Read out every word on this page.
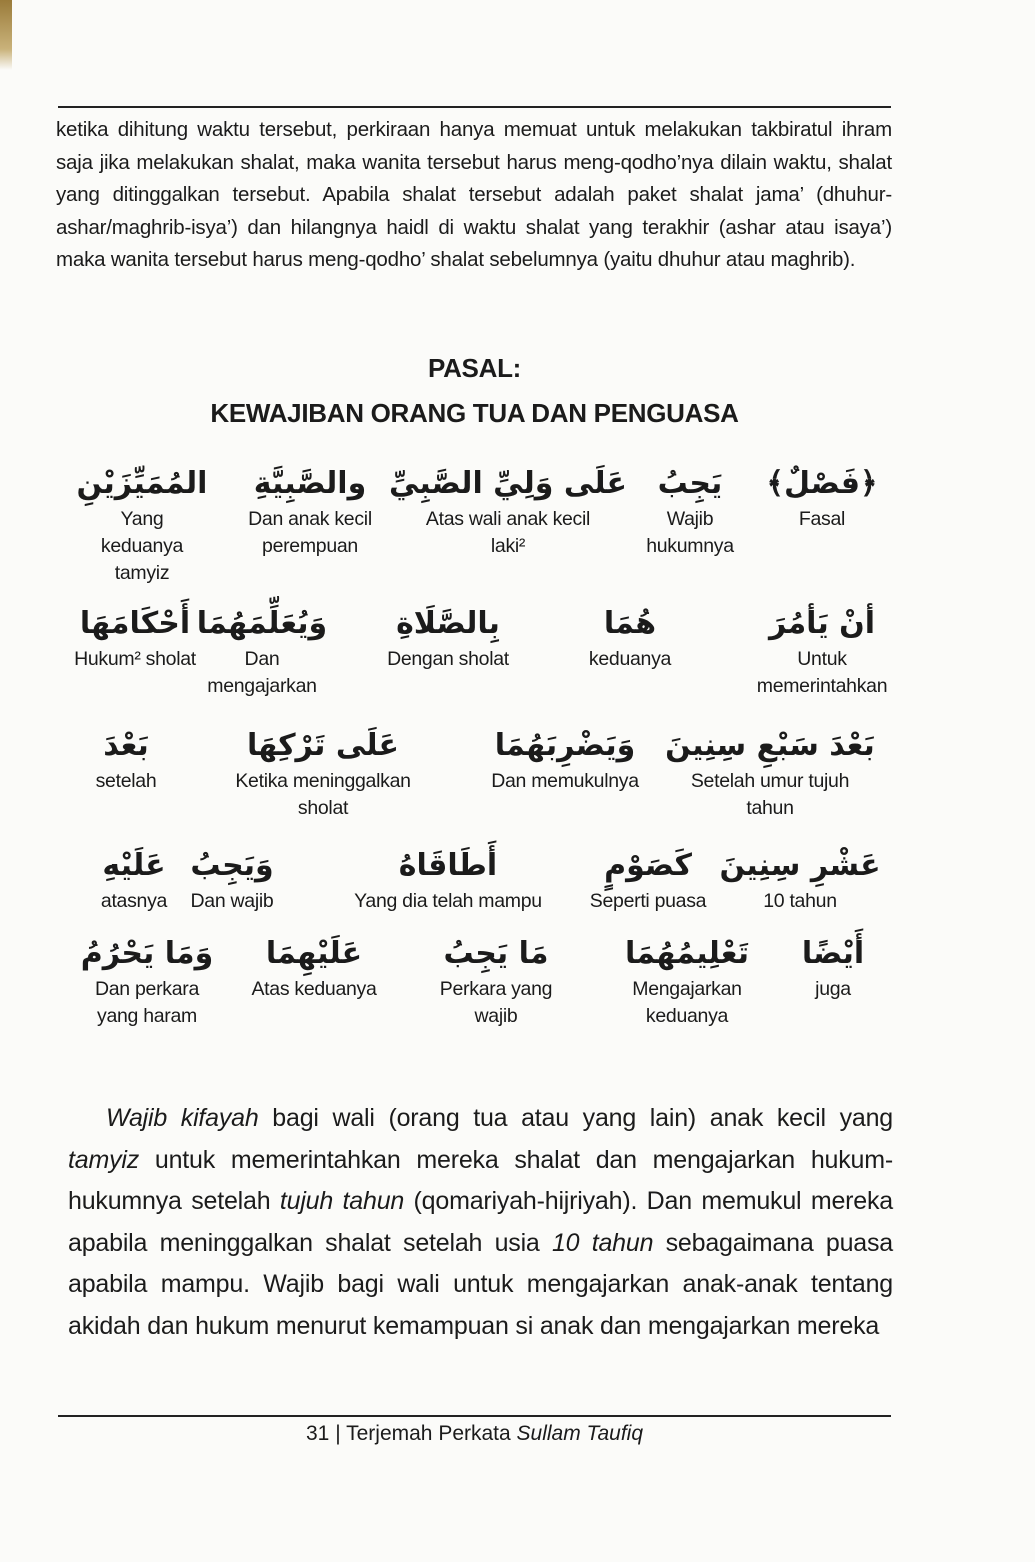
ketika dihitung waktu tersebut, perkiraan hanya memuat untuk melakukan takbiratul ihram saja jika melakukan shalat, maka wanita tersebut harus meng-qodho’nya dilain waktu, shalat yang ditinggalkan tersebut. Apabila shalat tersebut adalah paket shalat jama’ (dhuhur-ashar/maghrib-isya’) dan hilangnya haidl di waktu shalat yang terakhir (ashar atau isaya’) maka wanita tersebut harus meng-qodho’ shalat sebelumnya (yaitu dhuhur atau maghrib).

PASAL:
KEWAJIBAN ORANG TUA DAN PENGUASA
﴿فَصْلٌ﴾
Fasal
يَجِبُ
Wajib
hukumnya
عَلَى وَلِيِّ الصَّبِيِّ
Atas wali anak kecil
laki²
والصَّبِيَّةِ
Dan anak kecil
perempuan
المُمَيِّزَيْنِ
Yang
keduanya
tamyiz
أنْ يَأمُرَ
Untuk
memerintahkan
هُمَا
keduanya
بِالصَّلَاةِ
Dengan sholat
وَيُعَلِّمَهُمَا
Dan
mengajarkan
أَحْكَامَهَا
Hukum² sholat
بَعْدَ سَبْعِ سِنِينَ
Setelah umur tujuh
tahun
وَيَضْرِبَهُمَا
Dan memukulnya
عَلَى تَرْكِهَا
Ketika meninggalkan
sholat
بَعْدَ
setelah
عَشْرِ سِنِينَ
10 tahun
كَصَوْمٍ
Seperti puasa
أَطَاقَاهُ
Yang dia telah mampu
وَيَجِبُ
Dan wajib
عَلَيْهِ
atasnya
أَيْضًا
juga
تَعْلِيمُهُمَا
Mengajarkan
keduanya
مَا يَجِبُ
Perkara yang
wajib
عَلَيْهِمَا
Atas keduanya
وَمَا يَحْرُمُ
Dan perkara
yang haram

Wajib kifayah bagi wali (orang tua atau yang lain) anak kecil yang tamyiz untuk memerintahkan mereka shalat dan mengajarkan hukum-hukumnya setelah tujuh tahun (qomariyah-hijriyah). Dan memukul mereka apabila meninggalkan shalat setelah usia 10 tahun sebagaimana puasa apabila mampu. Wajib bagi wali untuk mengajarkan anak-anak tentang akidah dan hukum menurut kemampuan si anak dan mengajarkan mereka

31 | Terjemah Perkata Sullam Taufiq
